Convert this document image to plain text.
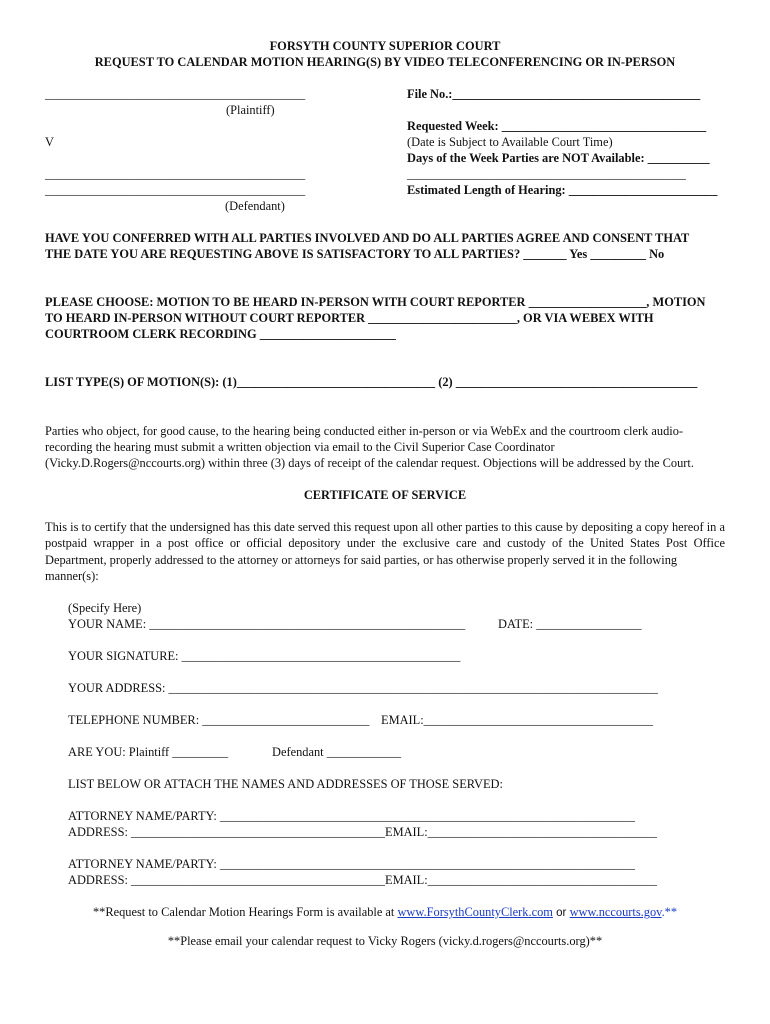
FORSYTH COUNTY SUPERIOR COURT
REQUEST TO CALENDAR MOTION HEARING(S) BY VIDEO TELECONFERENCING OR IN-PERSON
__________________________________________
(Plaintiff)
V
__________________________________________
__________________________________________
(Defendant)
File No.:________________________________________
Requested Week: _________________________________
(Date is Subject to Available Court Time)
Days of the Week Parties are NOT Available: __________
_____________________________________________
Estimated Length of Hearing: ________________________
HAVE YOU CONFERRED WITH ALL PARTIES INVOLVED AND DO ALL PARTIES AGREE AND CONSENT THAT
THE DATE YOU ARE REQUESTING ABOVE IS SATISFACTORY TO ALL PARTIES? _______ Yes _________ No
PLEASE CHOOSE: MOTION TO BE HEARD IN-PERSON WITH COURT REPORTER ___________________, MOTION
TO HEARD IN-PERSON WITHOUT COURT REPORTER ________________________, OR VIA WEBEX WITH
COURTROOM CLERK RECORDING ______________________
LIST TYPE(S) OF MOTION(S): (1)________________________________ (2) _______________________________________
Parties who object, for good cause, to the hearing being conducted either in-person or via WebEx and the courtroom clerk audio-
recording the hearing must submit a written objection via email to the Civil Superior Case Coordinator
(Vicky.D.Rogers@nccourts.org) within three (3) days of receipt of the calendar request. Objections will be addressed by the Court.
CERTIFICATE OF SERVICE
This is to certify that the undersigned has this date served this request upon all other parties to this cause by depositing a copy hereof in a postpaid wrapper in a post office or official depository under the exclusive care and custody of the United States Post Office Department, properly addressed to the attorney or attorneys for said parties, or has otherwise properly served it in the following
manner(s):
(Specify Here)
YOUR NAME: ___________________________________________________	DATE: _________________
YOUR SIGNATURE: _____________________________________________
YOUR ADDRESS: _______________________________________________________________________________
TELEPHONE NUMBER: ___________________________ EMAIL:_____________________________________
ARE YOU: Plaintiff _________	Defendant ____________
LIST BELOW OR ATTACH THE NAMES AND ADDRESSES OF THOSE SERVED:
ATTORNEY NAME/PARTY: ___________________________________________________________________
ADDRESS: _________________________________________EMAIL:_____________________________________
ATTORNEY NAME/PARTY: ___________________________________________________________________
ADDRESS: _________________________________________EMAIL:_____________________________________
**Request to Calendar Motion Hearings Form is available at www.ForsythCountyClerk.com or www.nccourts.gov.**
**Please email your calendar request to Vicky Rogers (vicky.d.rogers@nccourts.org)**
